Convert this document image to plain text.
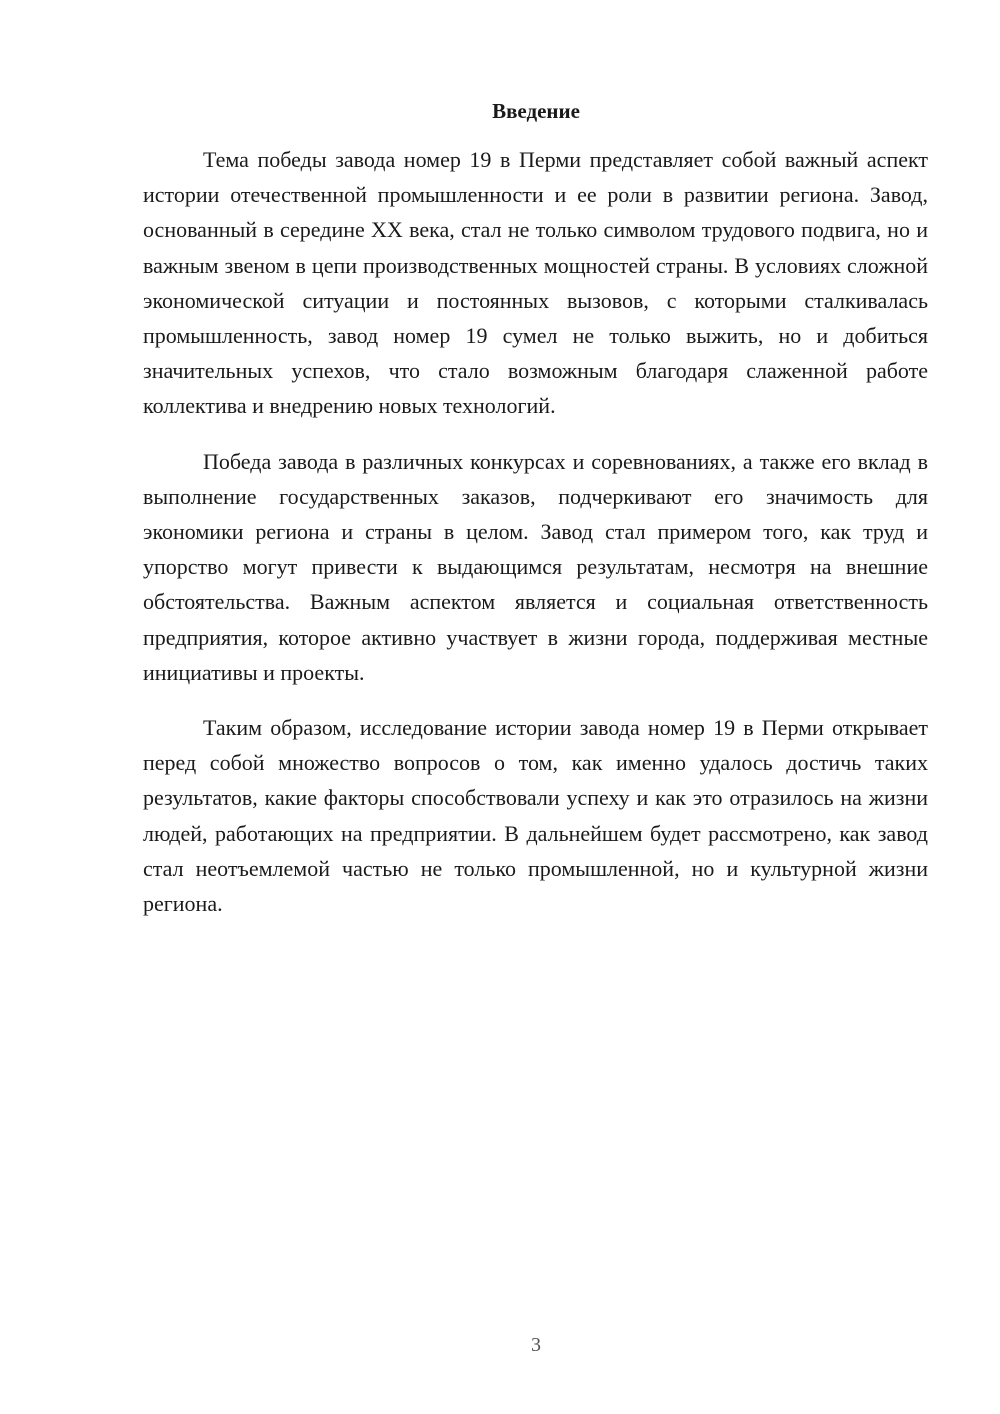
Введение

Тема победы завода номер 19 в Перми представляет собой важный аспект истории отечественной промышленности и ее роли в развитии региона. Завод, основанный в середине XX века, стал не только символом трудового подвига, но и важным звеном в цепи производственных мощностей страны. В условиях сложной экономической ситуации и постоянных вызовов, с которыми сталкивалась промышленность, завод номер 19 сумел не только выжить, но и добиться значительных успехов, что стало возможным благодаря слаженной работе коллектива и внедрению новых технологий.

Победа завода в различных конкурсах и соревнованиях, а также его вклад в выполнение государственных заказов, подчеркивают его значимость для экономики региона и страны в целом. Завод стал примером того, как труд и упорство могут привести к выдающимся результатам, несмотря на внешние обстоятельства. Важным аспектом является и социальная ответственность предприятия, которое активно участвует в жизни города, поддерживая местные инициативы и проекты.

Таким образом, исследование истории завода номер 19 в Перми открывает перед собой множество вопросов о том, как именно удалось достичь таких результатов, какие факторы способствовали успеху и как это отразилось на жизни людей, работающих на предприятии. В дальнейшем будет рассмотрено, как завод стал неотъемлемой частью не только промышленной, но и культурной жизни региона.

3
